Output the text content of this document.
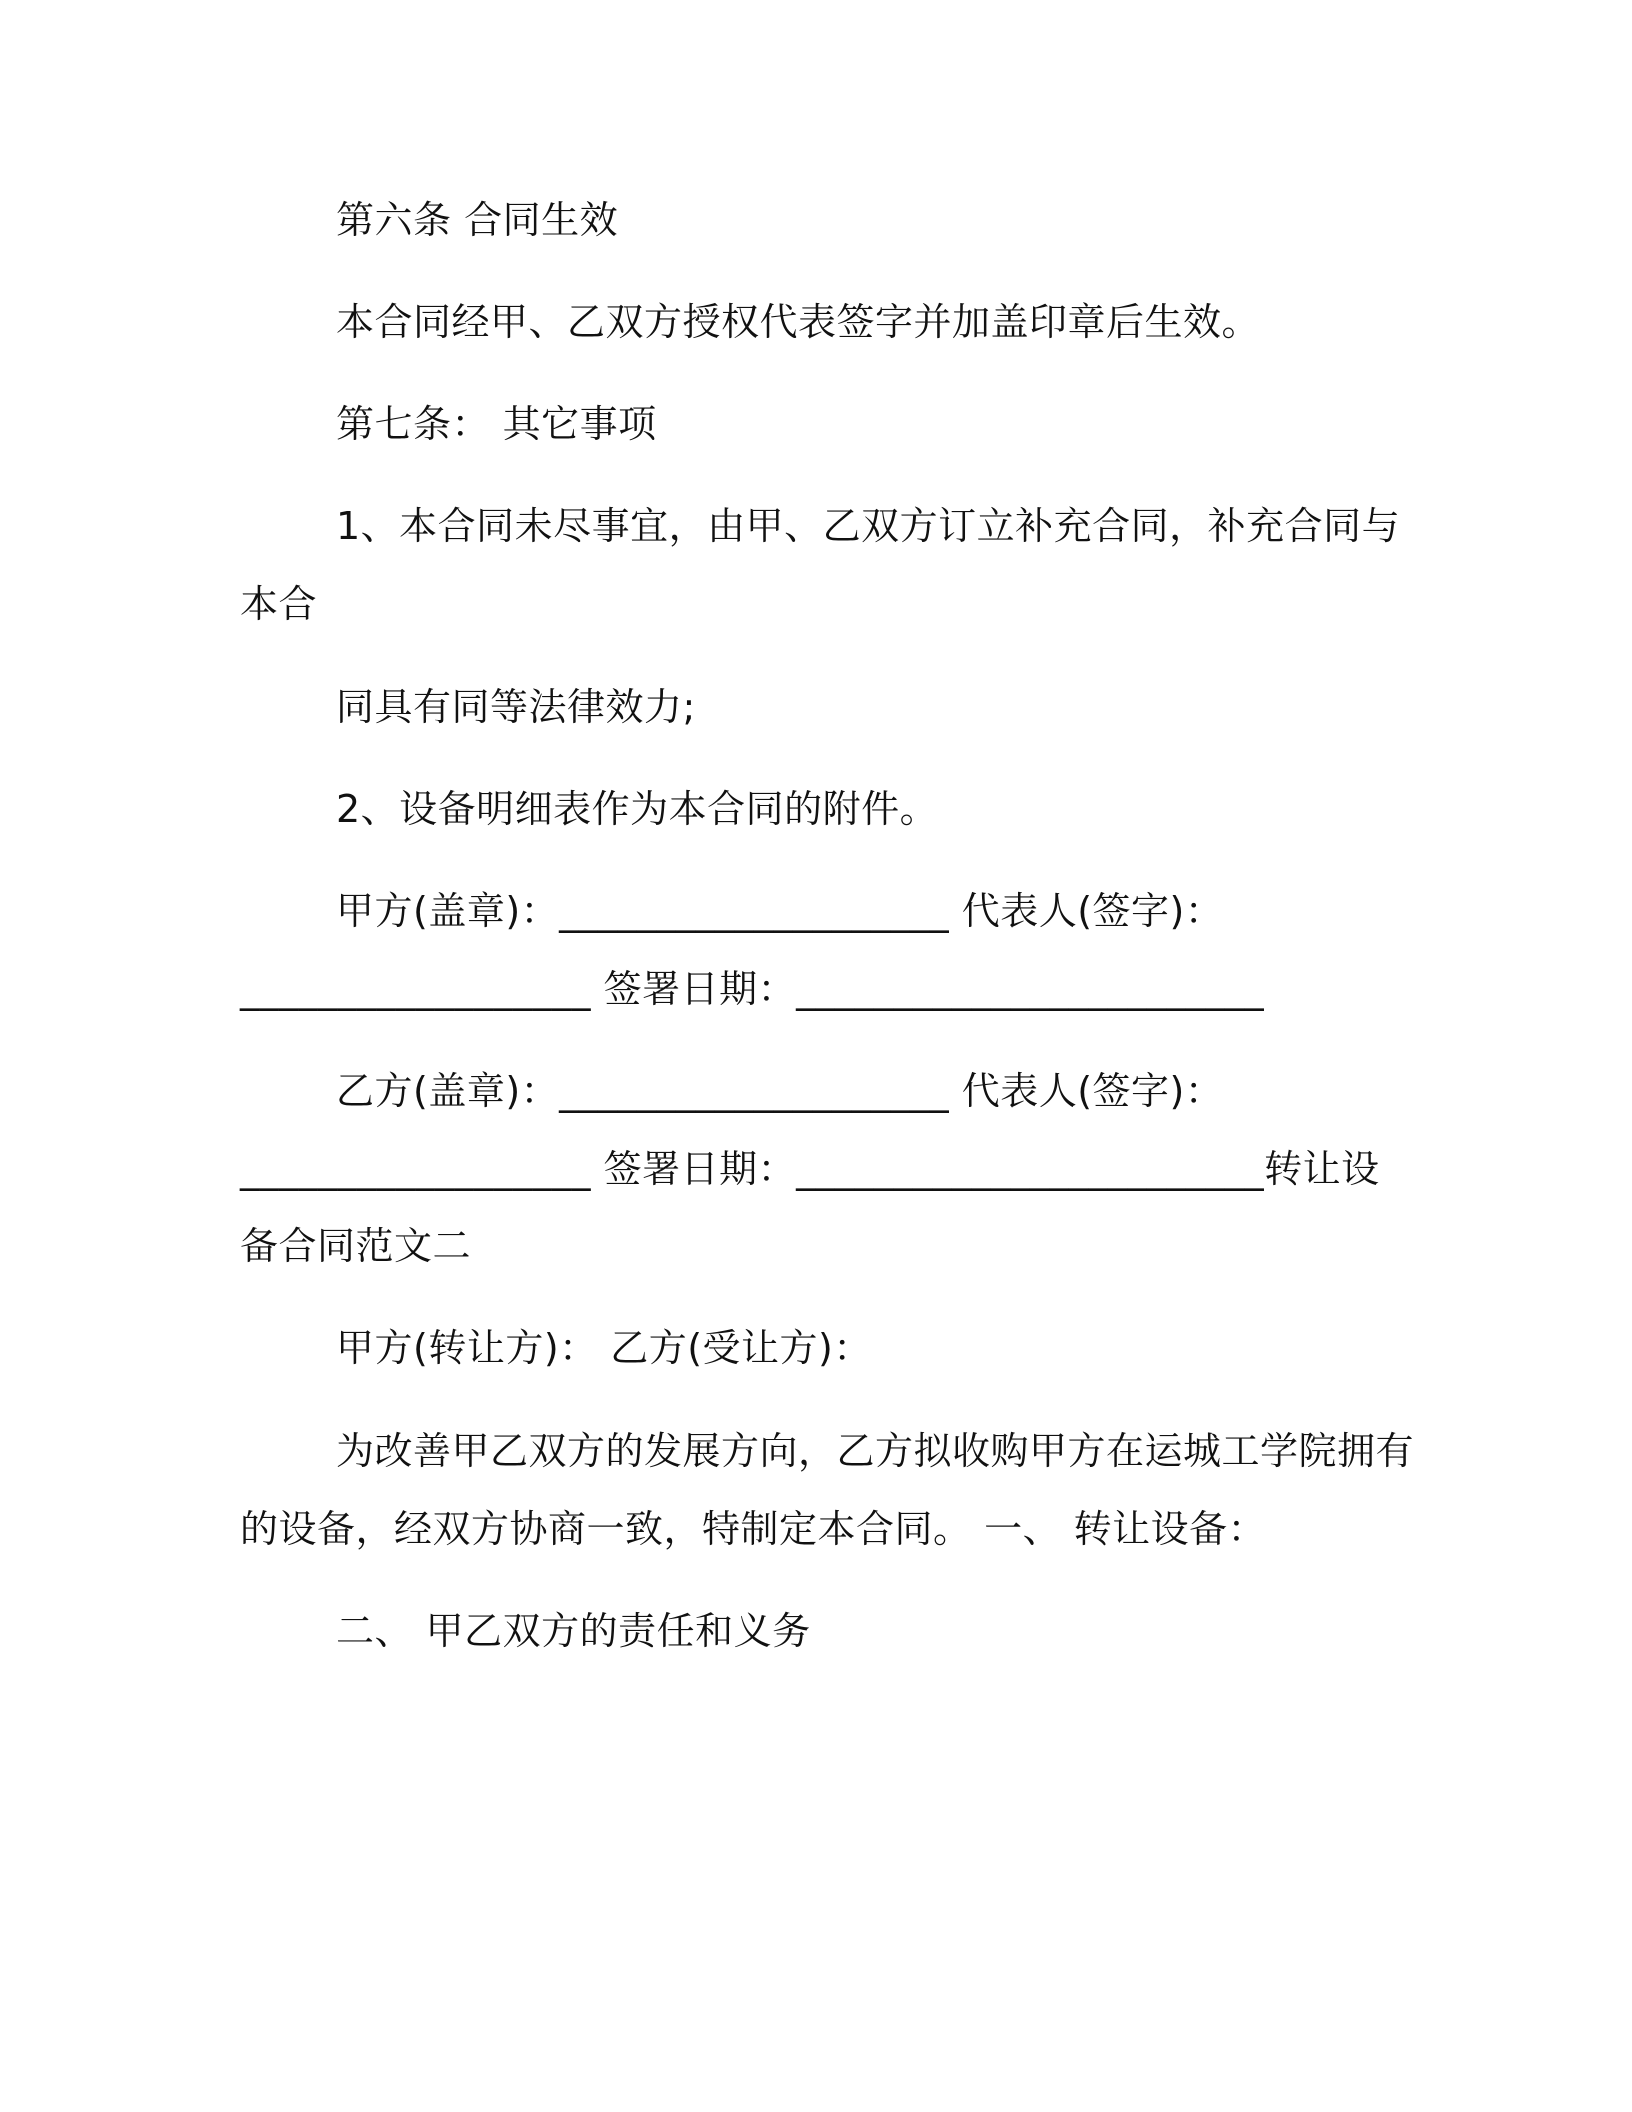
第六条 合同生效
本合同经甲、乙双方授权代表签字并加盖印章后生效。
第七条： 其它事项
1、本合同未尽事宜，由甲、乙双方订立补充合同，补充合同与
本合
同具有同等法律效力;
2、设备明细表作为本合同的附件。
甲方(盖章)：____________________ 代表人(签字)：
__________________ 签署日期：________________________
乙方(盖章)：____________________ 代表人(签字)：
__________________ 签署日期：________________________转让设
备合同范文二
甲方(转让方)： 乙方(受让方)：
为改善甲乙双方的发展方向，乙方拟收购甲方在运城工学院拥有
的设备，经双方协商一致，特制定本合同。 一、 转让设备：
二、 甲乙双方的责任和义务
